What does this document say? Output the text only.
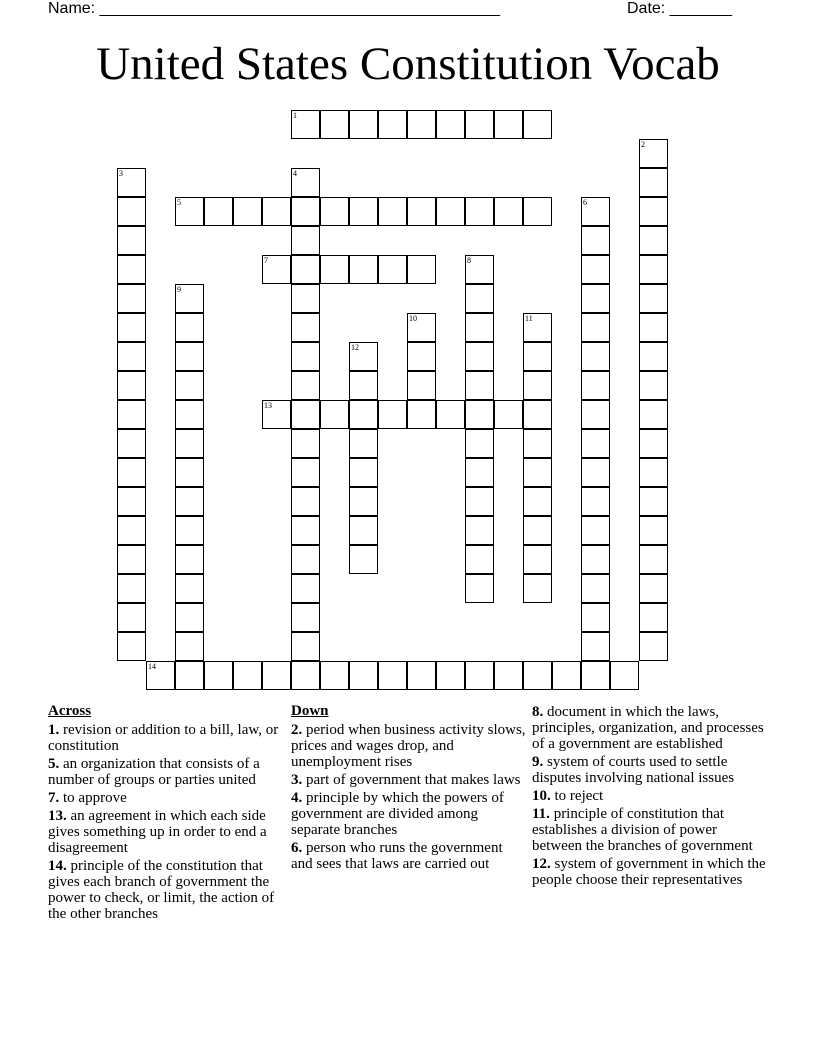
Name: _____________________________________________	Date: _______
United States Constitution Vocab
1
2
3	4
5	6
7	8
9
10	11
12
13
14
Across
1. revision or addition to a bill, law, or constitution
5. an organization that consists of a number of groups or parties united
7. to approve
13. an agreement in which each side gives something up in order to end a disagreement
14. principle of the constitution that gives each branch of government the power to check, or limit, the action of the other branches
Down
2. period when business activity slows, prices and wages drop, and unemployment rises
3. part of government that makes laws
4. principle by which the powers of government are divided among separate branches
6. person who runs the government and sees that laws are carried out
8. document in which the laws, principles, organization, and processes of a government are established
9. system of courts used to settle disputes involving national issues
10. to reject
11. principle of constitution that establishes a division of power between the branches of government
12. system of government in which the people choose their representatives
